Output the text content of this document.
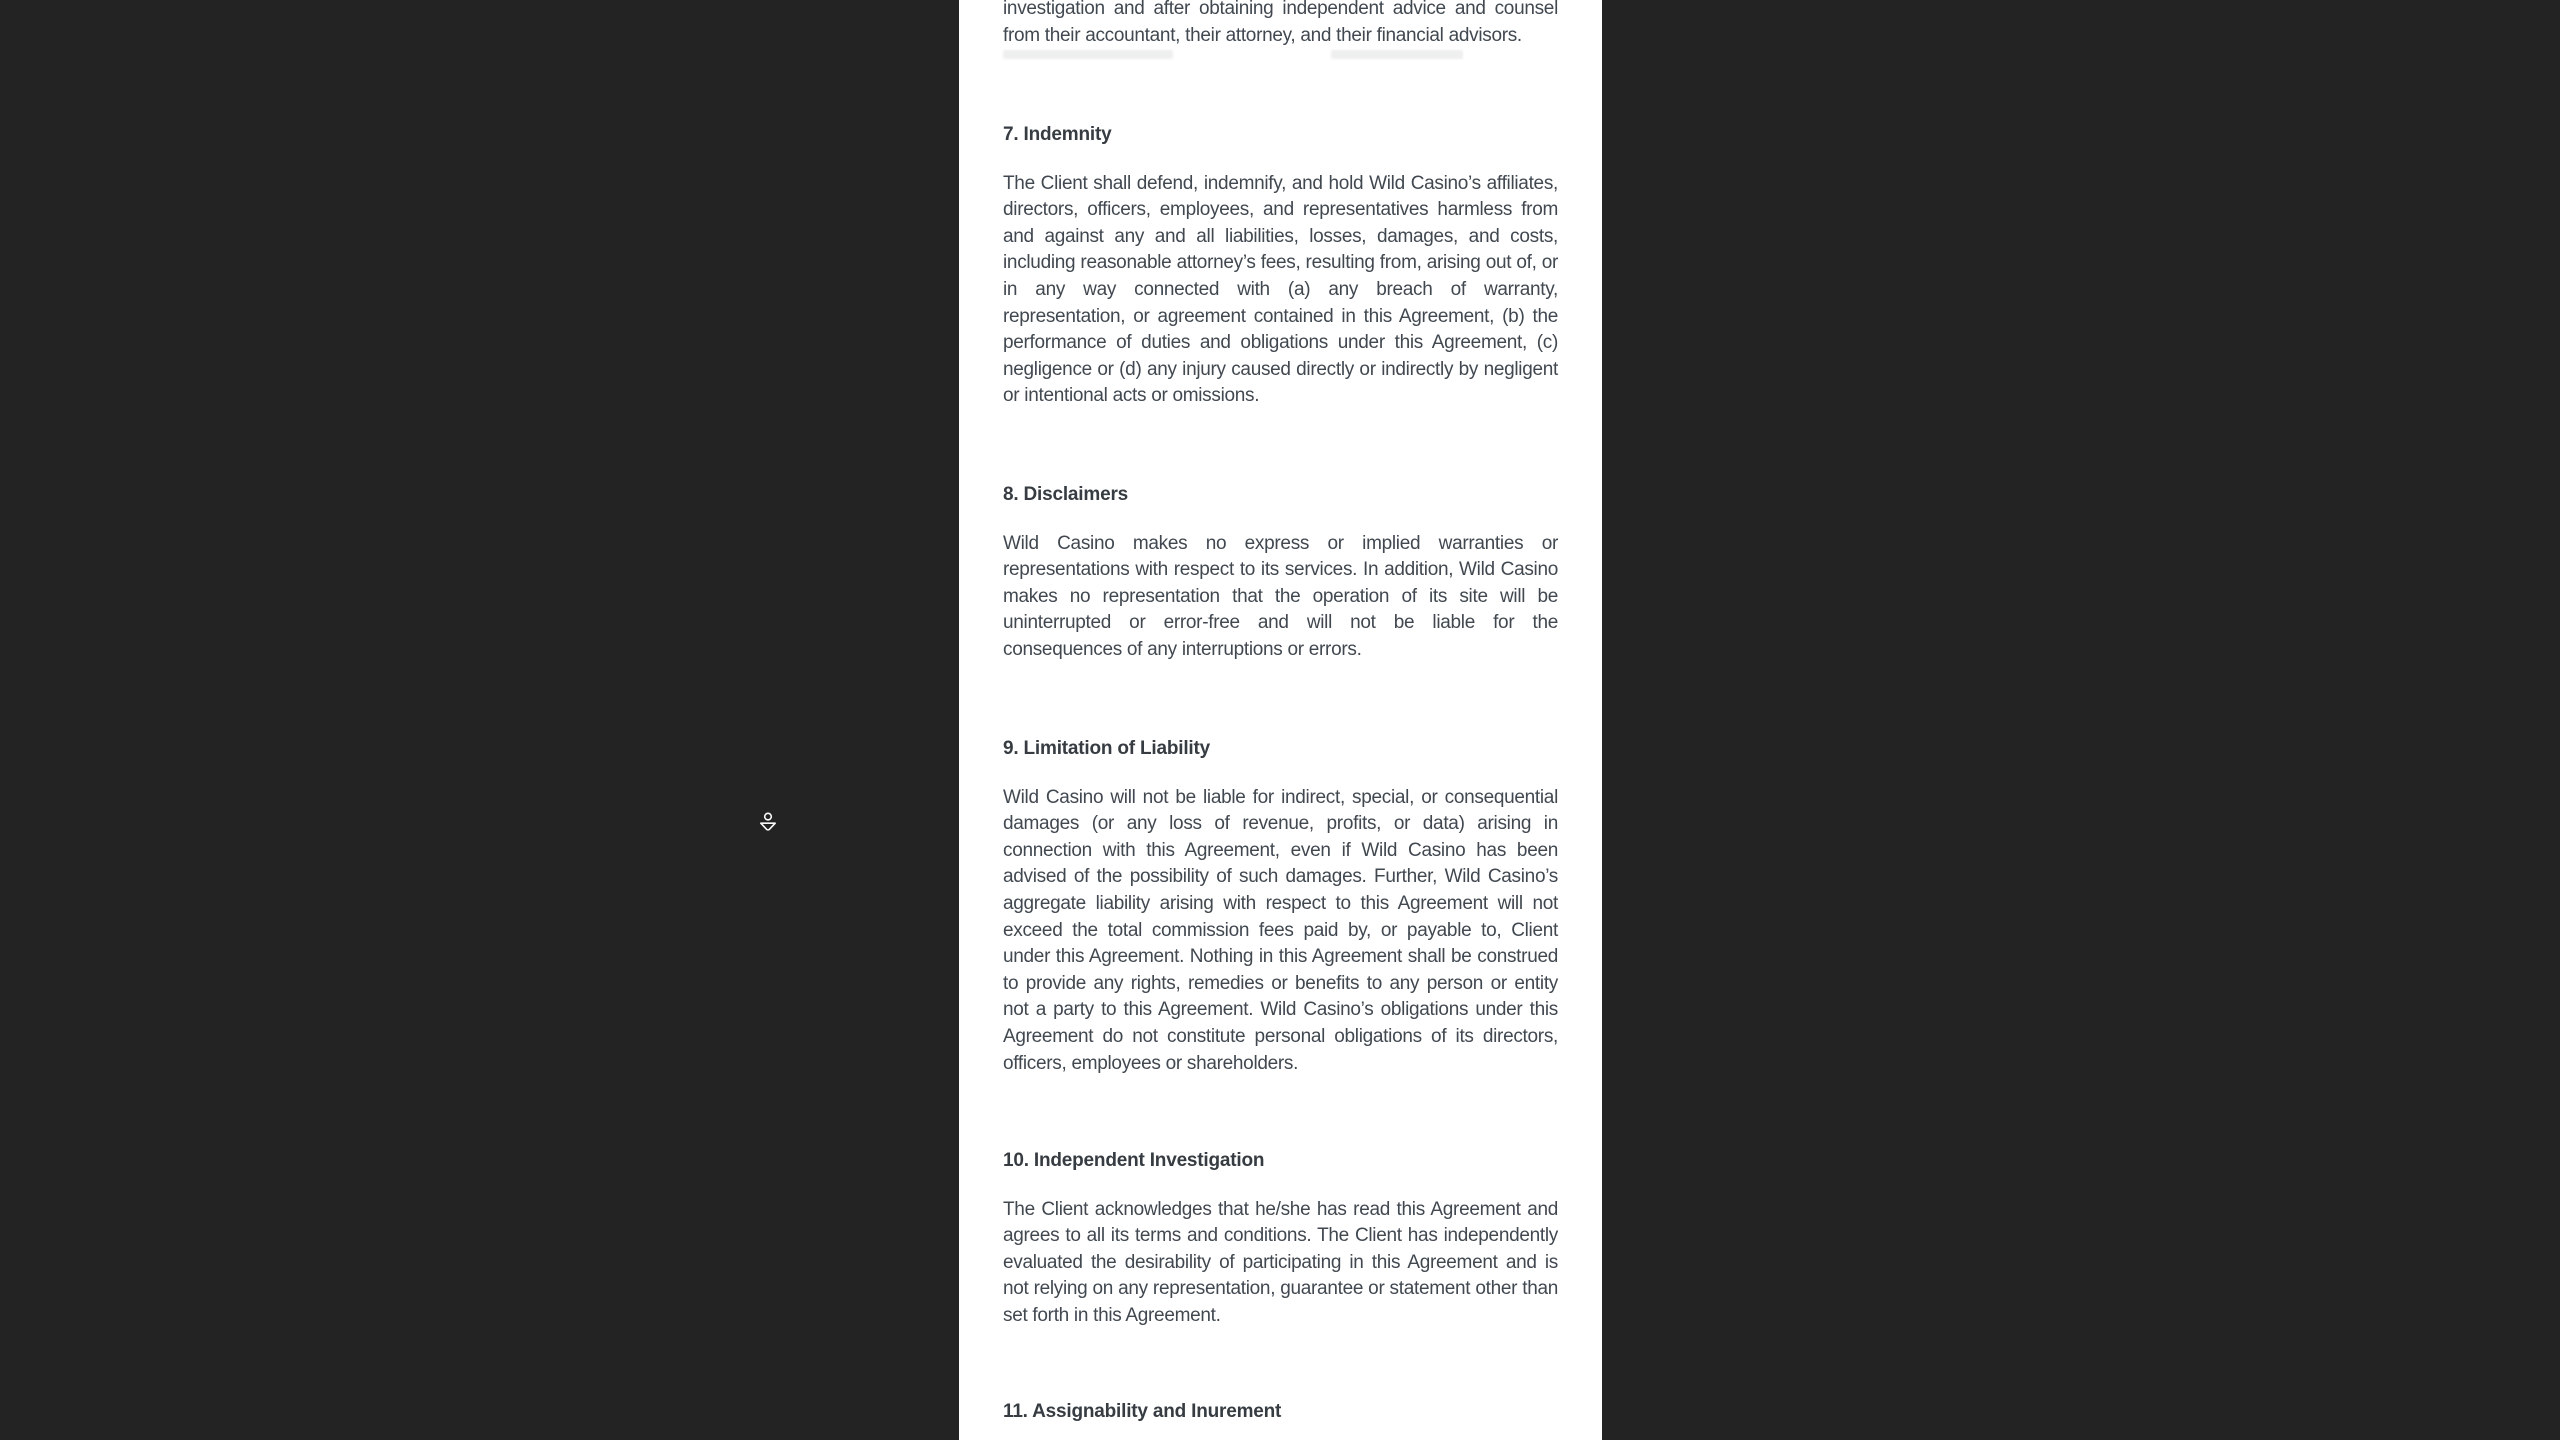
investigation and after obtaining independent advice and counsel
from their accountant, their attorney, and their financial advisors.
7. Indemnity

The Client shall defend, indemnify, and hold Wild Casino’s affiliates, directors, officers, employees, and representatives harmless from and against any and all liabilities, losses, damages, and costs, including reasonable attorney’s fees, resulting from, arising out of, or in any way connected with (a) any breach of warranty, representation, or agreement contained in this Agreement, (b) the performance of duties and obligations under this Agreement, (c) negligence or (d) any injury caused directly or indirectly by negligent or intentional acts or omissions.

8. Disclaimers

Wild Casino makes no express or implied warranties or representations with respect to its services. In addition, Wild Casino makes no representation that the operation of its site will be uninterrupted or error-free and will not be liable for the consequences of any interruptions or errors.

9. Limitation of Liability

Wild Casino will not be liable for indirect, special, or consequential damages (or any loss of revenue, profits, or data) arising in connection with this Agreement, even if Wild Casino has been advised of the possibility of such damages. Further, Wild Casino’s aggregate liability arising with respect to this Agreement will not exceed the total commission fees paid by, or payable to, Client under this Agreement. Nothing in this Agreement shall be construed to provide any rights, remedies or benefits to any person or entity not a party to this Agreement. Wild Casino’s obligations under this Agreement do not constitute personal obligations of its directors, officers, employees or shareholders.

10. Independent Investigation

The Client acknowledges that he/she has read this Agreement and agrees to all its terms and conditions. The Client has independently evaluated the desirability of participating in this Agreement and is not relying on any representation, guarantee or statement other than set forth in this Agreement.

11. Assignability and Inurement
